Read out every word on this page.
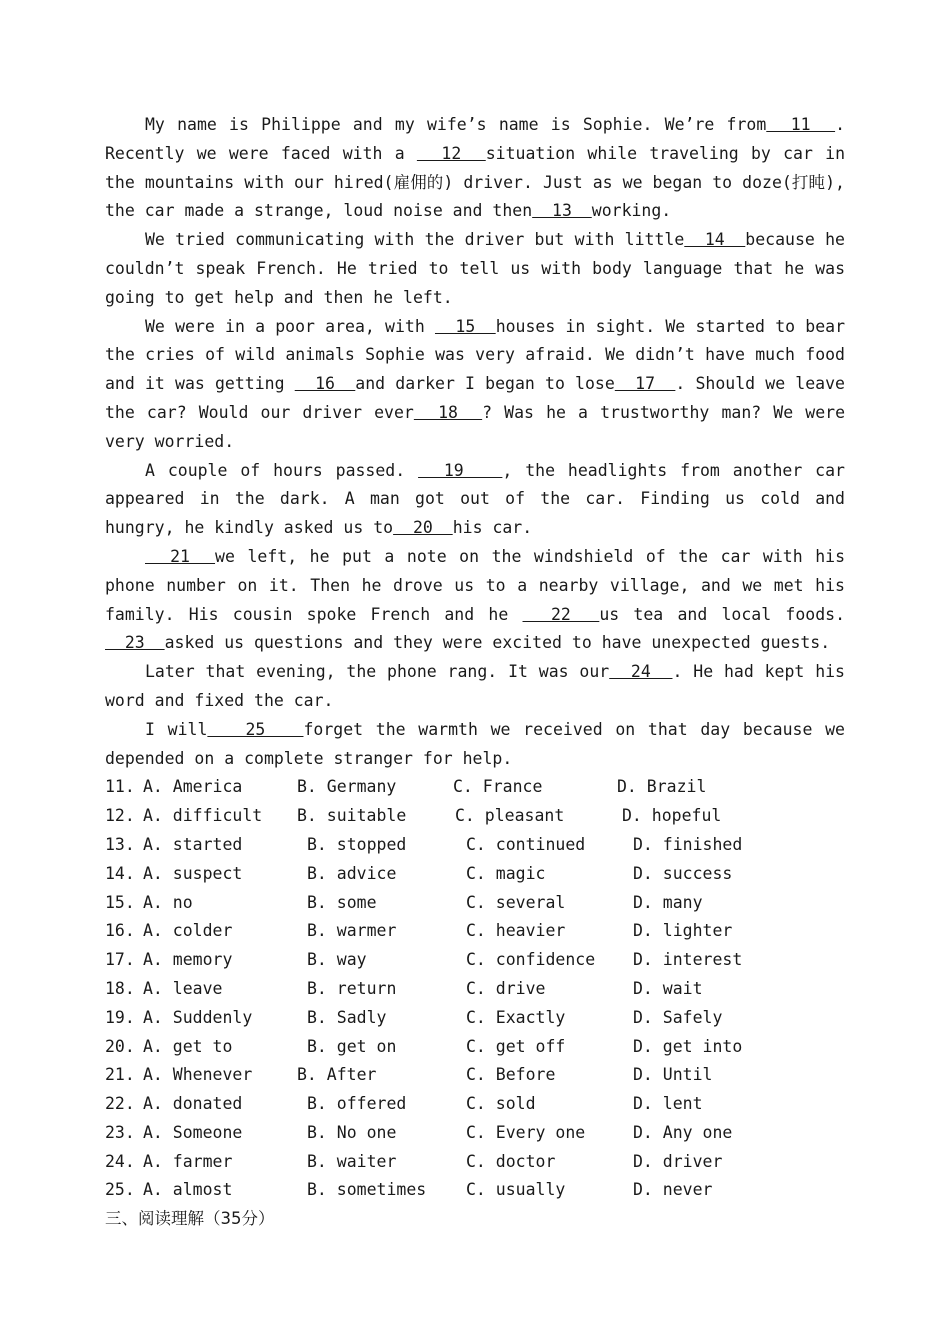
My name is Philippe and my wife’s name is Sophie. We’re from  11  . Recently we were faced with a   12  situation while traveling by car in the mountains with our hired(雇佣的) driver. Just as we began to doze(打盹), the car made a strange, loud noise and then  13  working.

We tried communicating with the driver but with little  14  because he couldn’t speak French. He tried to tell us with body language that he was going to get help and then he left.

We were in a poor area, with   15  houses in sight. We started to bear the cries of wild animals Sophie was very afraid. We didn’t have much food and it was getting   16  and darker I began to lose  17  . Should we leave the car? Would our driver ever  18  ? Was he a trustworthy man? We were very worried.

A couple of hours passed.   19   , the headlights from another car appeared in the dark. A man got out of the car. Finding us cold and hungry, he kindly asked us to  20  his car.

21  we left, he put a note on the windshield of the car with his phone number on it. Then he drove us to a nearby village, and we met his family. His cousin spoke French and he   22  us tea and local foods.   23  asked us questions and they were excited to have unexpected guests.

Later that evening, the phone rang. It was our  24  . He had kept his word and fixed the car.

I will   25   forget the warmth we received on that day because we depended on a complete stranger for help.

11. A. America	B. Germany	C. France	D. Brazil
12. A. difficult B. suitable	C. pleasant	D. hopeful
13. A. started	B. stopped	C. continued	D. finished
14. A. suspect	B. advice	C. magic	D. success
15. A. no	B. some	C. several	D. many
16. A. colder	B. warmer	C. heavier	D. lighter
17. A. memory	B. way	C. confidence D. interest
18. A. leave	B. return	C. drive	D. wait
19. A. Suddenly	B. Sadly	C. Exactly	D. Safely
20. A. get to	B. get on	C. get off	D. get into
21. A. Whenever	B. After	C. Before	D. Until
22. A. donated	B. offered	C. sold	D. lent
23. A. Someone	B. No one	C. Every one	D. Any one
24. A. farmer	B. waiter	C. doctor	D. driver
25. A. almost	B. sometimes C. usually	D. never
三、阅读理解（35分）
